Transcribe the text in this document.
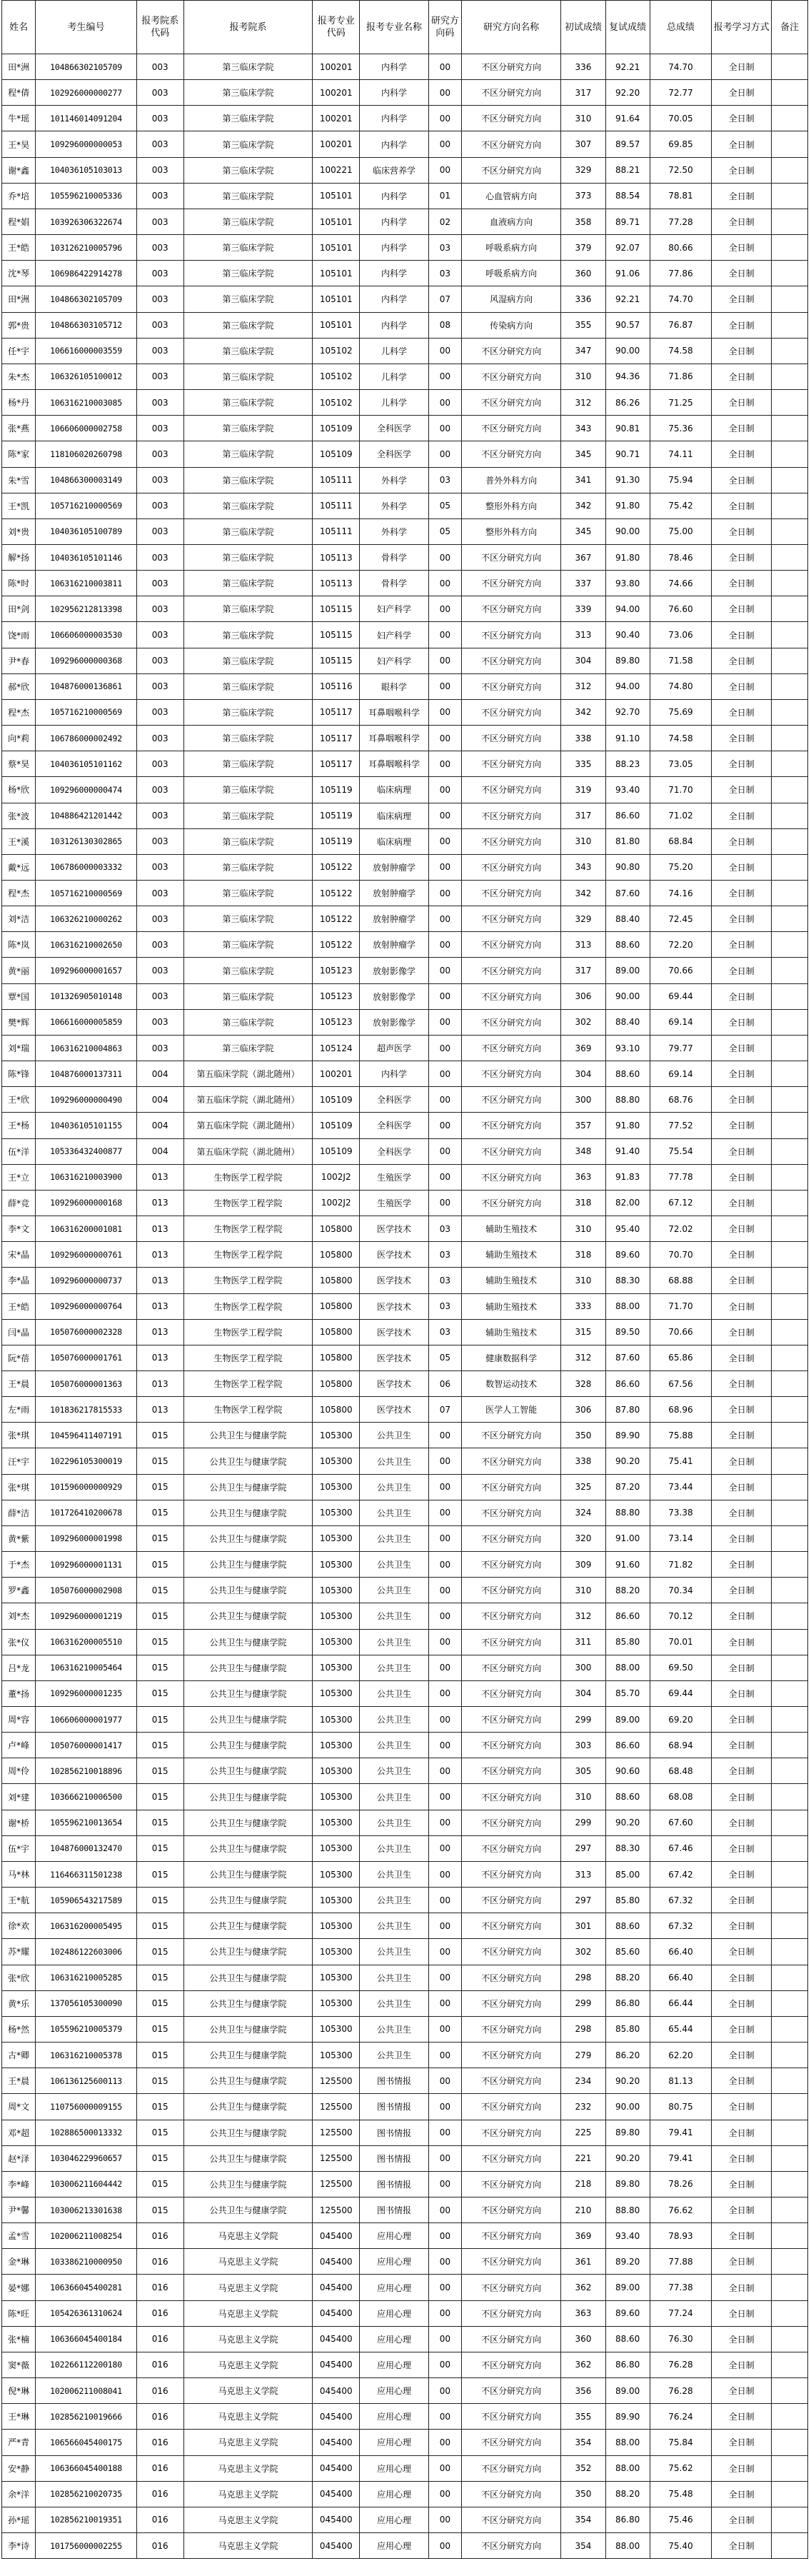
姓名	考生编号	报考院系代码	报考院系	报考专业代码	报考专业名称	研究方向码	研究方向名称	初试成绩	复试成绩	总成绩	报考学习方式	备注
田*洲	104866302105709	003	第三临床学院	100201	内科学	00	不区分研究方向	336	92.21	74.70	全日制	
程*倩	102926000000277	003	第三临床学院	100201	内科学	00	不区分研究方向	317	92.20	72.77	全日制	
牛*瑶	101146014091204	003	第三临床学院	100201	内科学	00	不区分研究方向	310	91.64	70.05	全日制	
王*昊	109296000000053	003	第三临床学院	100201	内科学	00	不区分研究方向	307	89.57	69.85	全日制	
谢*鑫	104036105103013	003	第三临床学院	100221	临床营养学	00	不区分研究方向	329	88.21	72.50	全日制	
乔*培	105596210005336	003	第三临床学院	105101	内科学	01	心血管病方向	373	88.54	78.81	全日制	
程*娟	103926306322674	003	第三临床学院	105101	内科学	02	血液病方向	358	89.71	77.28	全日制	
王*皓	103126210005796	003	第三临床学院	105101	内科学	03	呼吸系病方向	379	92.07	80.66	全日制	
沈*琴	106986422914278	003	第三临床学院	105101	内科学	03	呼吸系病方向	360	91.06	77.86	全日制	
田*洲	104866302105709	003	第三临床学院	105101	内科学	07	风湿病方向	336	92.21	74.70	全日制	
郭*贵	104866303105712	003	第三临床学院	105101	内科学	08	传染病方向	355	90.57	76.87	全日制	
任*宇	106616000003559	003	第三临床学院	105102	儿科学	00	不区分研究方向	347	90.00	74.58	全日制	
朱*杰	106326105100012	003	第三临床学院	105102	儿科学	00	不区分研究方向	310	94.36	71.86	全日制	
杨*丹	106316210003085	003	第三临床学院	105102	儿科学	00	不区分研究方向	312	86.26	71.25	全日制	
张*燕	106606000002758	003	第三临床学院	105109	全科医学	00	不区分研究方向	343	90.81	75.36	全日制	
陈*家	118106020260798	003	第三临床学院	105109	全科医学	00	不区分研究方向	345	90.71	74.11	全日制	
朱*雪	104866300003149	003	第三临床学院	105111	外科学	03	普外外科方向	341	91.30	75.94	全日制	
王*凯	105716210000569	003	第三临床学院	105111	外科学	05	整形外科方向	342	91.80	75.42	全日制	
刘*贵	104036105100789	003	第三临床学院	105111	外科学	05	整形外科方向	345	90.00	75.00	全日制	
解*扬	104036105101146	003	第三临床学院	105113	骨科学	00	不区分研究方向	367	91.80	78.46	全日制	
陈*时	106316210003811	003	第三临床学院	105113	骨科学	00	不区分研究方向	337	93.80	74.66	全日制	
田*剑	102956212813398	003	第三临床学院	105115	妇产科学	00	不区分研究方向	339	94.00	76.60	全日制	
饶*雨	106606000003530	003	第三临床学院	105115	妇产科学	00	不区分研究方向	313	90.40	73.06	全日制	
尹*春	109296000000368	003	第三临床学院	105115	妇产科学	00	不区分研究方向	304	89.80	71.58	全日制	
郝*欣	104876000136861	003	第三临床学院	105116	眼科学	00	不区分研究方向	312	94.00	74.80	全日制	
程*杰	105716210000569	003	第三临床学院	105117	耳鼻咽喉科学	00	不区分研究方向	342	92.70	75.69	全日制	
向*莉	106786000002492	003	第三临床学院	105117	耳鼻咽喉科学	00	不区分研究方向	338	91.10	74.58	全日制	
蔡*昊	104036105101162	003	第三临床学院	105117	耳鼻咽喉科学	00	不区分研究方向	335	88.23	73.05	全日制	
杨*欣	109296000000474	003	第三临床学院	105119	临床病理	00	不区分研究方向	319	93.40	71.70	全日制	
张*波	104886421201442	003	第三临床学院	105119	临床病理	00	不区分研究方向	317	86.60	71.02	全日制	
王*溪	103126130302865	003	第三临床学院	105119	临床病理	00	不区分研究方向	310	81.80	68.84	全日制	
戴*远	106786000003332	003	第三临床学院	105122	放射肿瘤学	00	不区分研究方向	343	90.80	75.20	全日制	
程*杰	105716210000569	003	第三临床学院	105122	放射肿瘤学	00	不区分研究方向	342	87.60	74.16	全日制	
刘*洁	106326210000262	003	第三临床学院	105122	放射肿瘤学	00	不区分研究方向	329	88.40	72.45	全日制	
陈*岚	106316210002650	003	第三临床学院	105122	放射肿瘤学	00	不区分研究方向	313	88.60	72.20	全日制	
黄*丽	109296000001657	003	第三临床学院	105123	放射影像学	00	不区分研究方向	317	89.00	70.66	全日制	
覃*国	101326905010148	003	第三临床学院	105123	放射影像学	00	不区分研究方向	306	90.00	69.44	全日制	
樊*辉	106616000005859	003	第三临床学院	105123	放射影像学	00	不区分研究方向	302	88.40	69.14	全日制	
刘*瑞	106316210004863	003	第三临床学院	105124	超声医学	00	不区分研究方向	369	93.10	79.77	全日制	
陈*锋	104876000137311	004	第五临床学院（湖北随州）	100201	内科学	00	不区分研究方向	304	88.60	69.14	全日制	
王*欣	109296000000490	004	第五临床学院（湖北随州）	105109	全科医学	00	不区分研究方向	300	88.80	68.76	全日制	
王*杨	104036105101155	004	第五临床学院（湖北随州）	105109	全科医学	00	不区分研究方向	357	91.80	77.52	全日制	
伍*洋	105336432400877	004	第五临床学院（湖北随州）	105109	全科医学	00	不区分研究方向	348	91.40	75.54	全日制	
王*立	106316210003900	013	生物医学工程学院	1002J2	生殖医学	00	不区分研究方向	363	91.83	77.78	全日制	
薛*竞	109296000000168	013	生物医学工程学院	1002J2	生殖医学	00	不区分研究方向	318	82.00	67.12	全日制	
李*文	106316200001081	013	生物医学工程学院	105800	医学技术	03	辅助生殖技术	310	95.40	72.02	全日制	
宋*晶	109296000000761	013	生物医学工程学院	105800	医学技术	03	辅助生殖技术	318	89.60	70.70	全日制	
李*晶	109296000000737	013	生物医学工程学院	105800	医学技术	03	辅助生殖技术	310	88.30	68.88	全日制	
王*皓	109296000000764	013	生物医学工程学院	105800	医学技术	03	辅助生殖技术	333	88.00	71.70	全日制	
闫*晶	105076000002328	013	生物医学工程学院	105800	医学技术	03	辅助生殖技术	315	89.50	70.66	全日制	
阮*蓓	105076000001761	013	生物医学工程学院	105800	医学技术	05	健康数据科学	312	87.60	65.86	全日制	
王*晨	105076000001363	013	生物医学工程学院	105800	医学技术	06	数智运动技术	328	86.60	67.56	全日制	
左*雨	101836217815533	013	生物医学工程学院	105800	医学技术	07	医学人工智能	306	87.80	68.96	全日制	
张*琪	104596411407191	015	公共卫生与健康学院	105300	公共卫生	00	不区分研究方向	350	89.90	75.88	全日制	
汪*宇	102296105300019	015	公共卫生与健康学院	105300	公共卫生	00	不区分研究方向	338	90.20	75.41	全日制	
张*琪	101596000000929	015	公共卫生与健康学院	105300	公共卫生	00	不区分研究方向	325	87.20	73.44	全日制	
薛*洁	101726410200678	015	公共卫生与健康学院	105300	公共卫生	00	不区分研究方向	324	88.80	73.38	全日制	
黄*紫	109296000001998	015	公共卫生与健康学院	105300	公共卫生	00	不区分研究方向	320	91.00	73.14	全日制	
于*杰	109296000001131	015	公共卫生与健康学院	105300	公共卫生	00	不区分研究方向	309	91.60	71.82	全日制	
罗*鑫	105076000002908	015	公共卫生与健康学院	105300	公共卫生	00	不区分研究方向	310	88.20	70.34	全日制	
刘*杰	109296000001219	015	公共卫生与健康学院	105300	公共卫生	00	不区分研究方向	312	86.60	70.12	全日制	
张*仪	106316200005510	015	公共卫生与健康学院	105300	公共卫生	00	不区分研究方向	311	85.80	70.01	全日制	
吕*龙	106316210005464	015	公共卫生与健康学院	105300	公共卫生	00	不区分研究方向	300	88.00	69.50	全日制	
董*扬	109296000001235	015	公共卫生与健康学院	105300	公共卫生	00	不区分研究方向	304	85.70	69.44	全日制	
周*容	106606000001977	015	公共卫生与健康学院	105300	公共卫生	00	不区分研究方向	299	89.00	69.20	全日制	
卢*峰	105076000001417	015	公共卫生与健康学院	105300	公共卫生	00	不区分研究方向	303	86.60	68.94	全日制	
周*伶	102856210018896	015	公共卫生与健康学院	105300	公共卫生	00	不区分研究方向	305	90.60	68.48	全日制	
刘*建	103666210006500	015	公共卫生与健康学院	105300	公共卫生	00	不区分研究方向	310	88.60	68.08	全日制	
谢*桥	105596210013654	015	公共卫生与健康学院	105300	公共卫生	00	不区分研究方向	299	90.20	67.60	全日制	
伍*宇	104876000132470	015	公共卫生与健康学院	105300	公共卫生	00	不区分研究方向	297	88.30	67.46	全日制	
马*林	116466311501238	015	公共卫生与健康学院	105300	公共卫生	00	不区分研究方向	313	85.00	67.42	全日制	
王*航	105906543217589	015	公共卫生与健康学院	105300	公共卫生	00	不区分研究方向	297	85.80	67.32	全日制	
徐*欢	106316200005495	015	公共卫生与健康学院	105300	公共卫生	00	不区分研究方向	301	88.60	67.32	全日制	
苏*耀	102486122603006	015	公共卫生与健康学院	105300	公共卫生	00	不区分研究方向	302	85.60	66.40	全日制	
张*欣	106316210005285	015	公共卫生与健康学院	105300	公共卫生	00	不区分研究方向	298	88.20	66.40	全日制	
黄*乐	137056105300090	015	公共卫生与健康学院	105300	公共卫生	00	不区分研究方向	299	86.80	66.44	全日制	
杨*然	105596210005379	015	公共卫生与健康学院	105300	公共卫生	00	不区分研究方向	298	85.80	65.44	全日制	
古*卿	106316210005378	015	公共卫生与健康学院	105300	公共卫生	00	不区分研究方向	279	86.20	62.20	全日制	
王*晨	106136125600113	015	公共卫生与健康学院	125500	图书情报	00	不区分研究方向	234	90.20	81.13	全日制	
周*文	110756000009155	015	公共卫生与健康学院	125500	图书情报	00	不区分研究方向	232	90.00	80.75	全日制	
邓*超	102886500013332	015	公共卫生与健康学院	125500	图书情报	00	不区分研究方向	225	89.80	79.41	全日制	
赵*泽	103046229960657	015	公共卫生与健康学院	125500	图书情报	00	不区分研究方向	221	90.20	79.41	全日制	
李*峰	103006211604442	015	公共卫生与健康学院	125500	图书情报	00	不区分研究方向	218	89.80	78.26	全日制	
尹*馨	103006213301638	015	公共卫生与健康学院	125500	图书情报	00	不区分研究方向	210	88.80	76.62	全日制	
孟*雪	102006211008254	016	马克思主义学院	045400	应用心理	00	不区分研究方向	369	93.40	78.93	全日制	
金*琳	103386210000950	016	马克思主义学院	045400	应用心理	00	不区分研究方向	361	89.20	77.88	全日制	
晏*娜	106366045400281	016	马克思主义学院	045400	应用心理	00	不区分研究方向	362	89.00	77.38	全日制	
陈*旺	105426361310624	016	马克思主义学院	045400	应用心理	00	不区分研究方向	363	89.60	77.24	全日制	
张*楠	106366045400184	016	马克思主义学院	045400	应用心理	00	不区分研究方向	360	88.60	76.30	全日制	
窦*薇	102266112200180	016	马克思主义学院	045400	应用心理	00	不区分研究方向	362	86.80	76.28	全日制	
倪*琳	102006211008041	016	马克思主义学院	045400	应用心理	00	不区分研究方向	356	89.00	76.28	全日制	
王*琳	102856210019666	016	马克思主义学院	045400	应用心理	00	不区分研究方向	355	89.90	76.24	全日制	
严*青	106566045400175	016	马克思主义学院	045400	应用心理	00	不区分研究方向	354	88.00	75.84	全日制	
安*静	106366045400188	016	马克思主义学院	045400	应用心理	00	不区分研究方向	352	88.00	75.62	全日制	
余*洋	102856210020735	016	马克思主义学院	045400	应用心理	00	不区分研究方向	350	88.20	75.48	全日制	
孙*瑶	102856210019351	016	马克思主义学院	045400	应用心理	00	不区分研究方向	354	86.80	75.46	全日制	
李*诗	101756000002255	016	马克思主义学院	045400	应用心理	00	不区分研究方向	354	88.00	75.40	全日制	
